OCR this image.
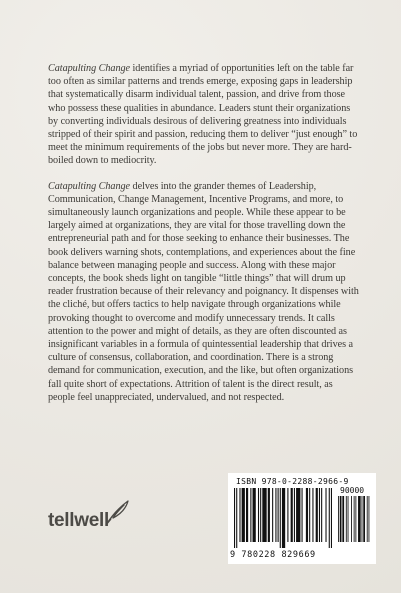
Catapulting Change identifies a myriad of opportunities left on the table far too often as similar patterns and trends emerge, exposing gaps in leadership that systematically disarm individual talent, passion, and drive from those who possess these qualities in abundance. Leaders stunt their organizations by converting individuals desirous of delivering greatness into individuals stripped of their spirit and passion, reducing them to deliver “just enough” to meet the minimum requirements of the jobs but never more. They are hard-boiled down to mediocrity.

Catapulting Change delves into the grander themes of Leadership, Communication, Change Management, Incentive Programs, and more, to simultaneously launch organizations and people. While these appear to be largely aimed at organizations, they are vital for those travelling down the entrepreneurial path and for those seeking to enhance their businesses. The book delivers warning shots, contemplations, and experiences about the fine balance between managing people and success. Along with these major concepts, the book sheds light on tangible “little things” that will drum up reader frustration because of their relevancy and poignancy. It dispenses with the cliché, but offers tactics to help navigate through organizations while provoking thought to overcome and modify unnecessary trends. It calls attention to the power and might of details, as they are often discounted as insignificant variables in a formula of quintessential leadership that drives a culture of consensus, collaboration, and coordination. There is a strong demand for communication, execution, and the like, but often organizations fall quite short of expectations. Attrition of talent is the direct result, as people feel unappreciated, undervalued, and not respected.

tellwell
ISBN 978-0-2288-2966-9
90000
9 780228 829669
